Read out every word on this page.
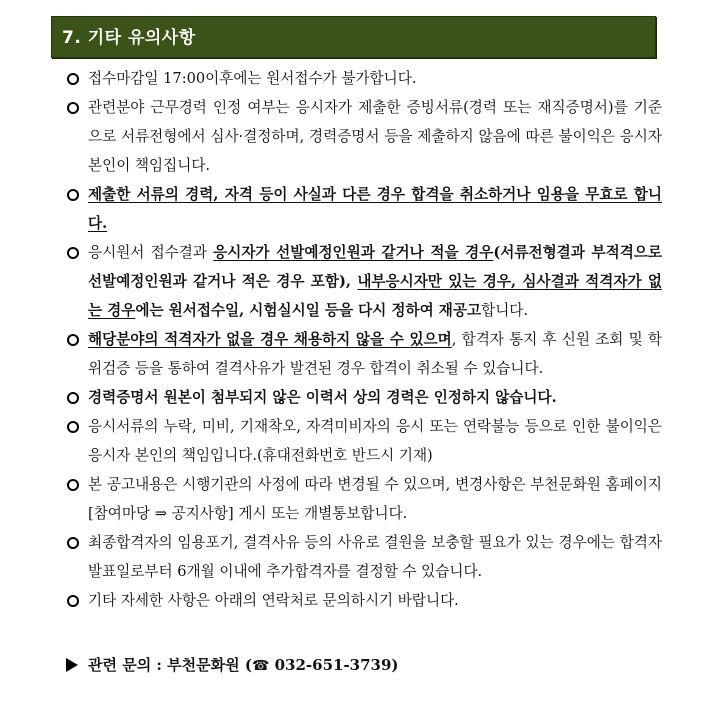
7. 기타 유의사항
접수마감일 17:00이후에는 원서접수가 불가합니다.
관련분야 근무경력 인정 여부는 응시자가 제출한 증빙서류(경력 또는 재직증명서)를 기준으로 서류전형에서 심사·결정하며, 경력증명서 등을 제출하지 않음에 따른 불이익은 응시자 본인이 책임집니다.
제출한 서류의 경력, 자격 등이 사실과 다른 경우 합격을 취소하거나 임용을 무효로 합니다.
응시원서 접수결과 응시자가 선발예정인원과 같거나 적을 경우(서류전형결과 부적격으로 선발예정인원과 같거나 적은 경우 포함), 내부응시자만 있는 경우, 심사결과 적격자가 없는 경우에는 원서접수일, 시험실시일 등을 다시 정하여 재공고합니다.
해당분야의 적격자가 없을 경우 채용하지 않을 수 있으며, 합격자 통지 후 신원 조회 및 학위검증 등을 통하여 결격사유가 발견된 경우 합격이 취소될 수 있습니다.
경력증명서 원본이 첨부되지 않은 이력서 상의 경력은 인정하지 않습니다.
응시서류의 누락, 미비, 기재착오, 자격미비자의 응시 또는 연락불능 등으로 인한 불이익은 응시자 본인의 책임입니다.(휴대전화번호 반드시 기재)
본 공고내용은 시행기관의 사정에 따라 변경될 수 있으며, 변경사항은 부천문화원 홈페이지[참여마당 ⇒ 공지사항] 게시 또는 개별통보합니다.
최종합격자의 임용포기, 결격사유 등의 사유로 결원을 보충할 필요가 있는 경우에는 합격자 발표일로부터 6개월 이내에 추가합격자를 결정할 수 있습니다.
기타 자세한 사항은 아래의 연락처로 문의하시기 바랍니다.
관련 문의 : 부천문화원 (☎ 032-651-3739)
